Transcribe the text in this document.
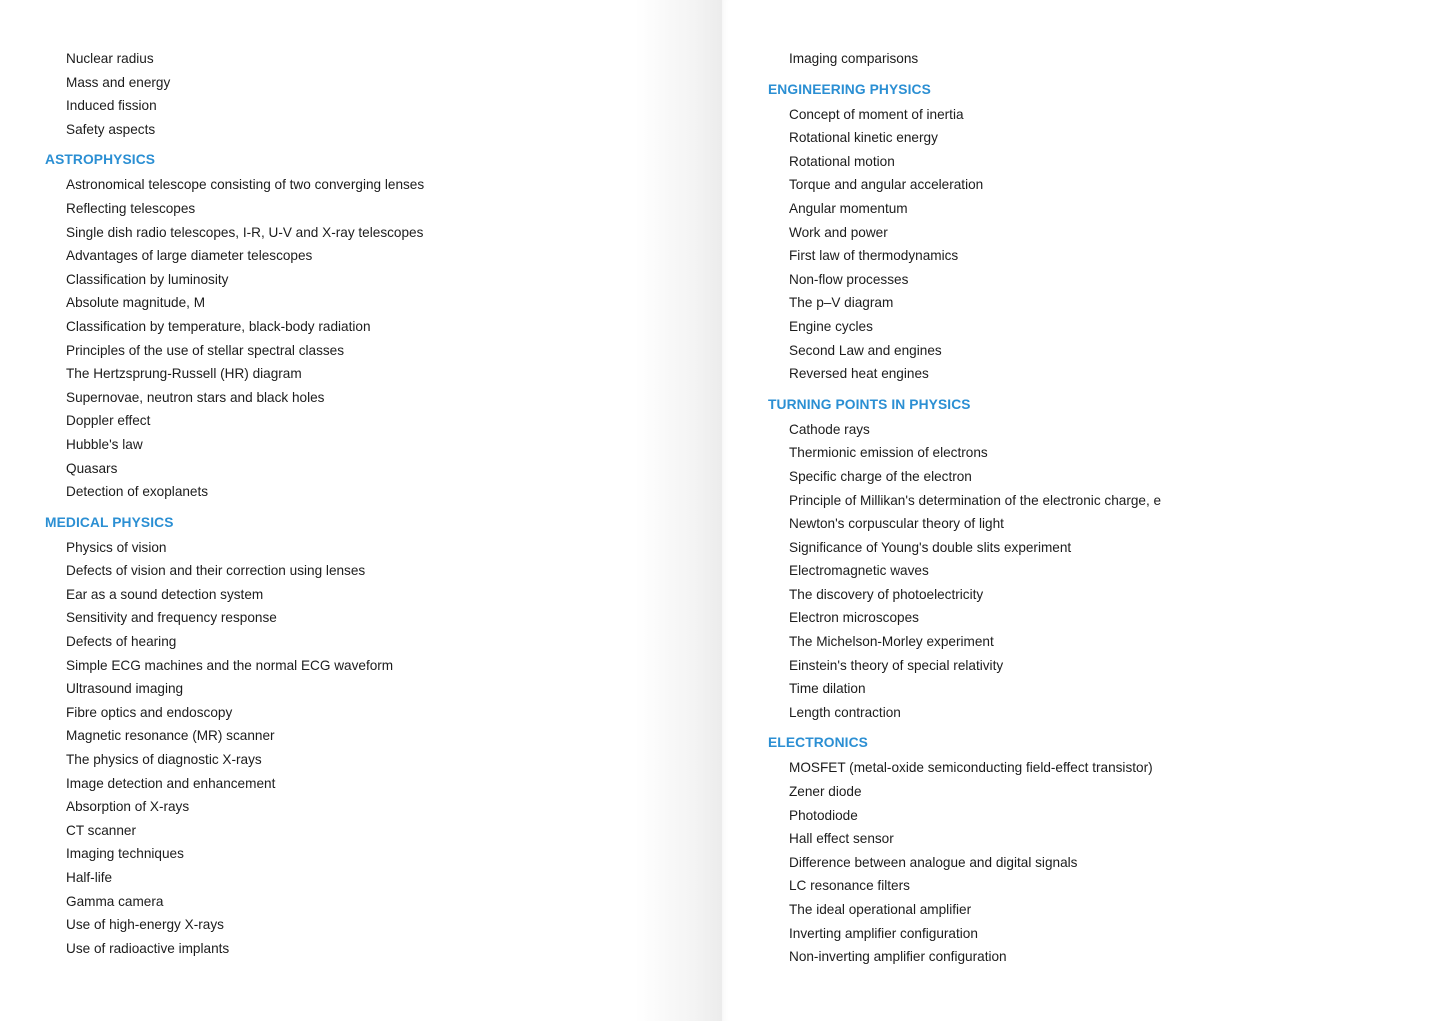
Nuclear radius
Mass and energy
Induced fission
Safety aspects
ASTROPHYSICS
Astronomical telescope consisting of two converging lenses
Reflecting telescopes
Single dish radio telescopes, I-R, U-V and X-ray telescopes
Advantages of large diameter telescopes
Classification by luminosity
Absolute magnitude, M
Classification by temperature, black-body radiation
Principles of the use of stellar spectral classes
The Hertzsprung-Russell (HR) diagram
Supernovae, neutron stars and black holes
Doppler effect
Hubble's law
Quasars
Detection of exoplanets
MEDICAL PHYSICS
Physics of vision
Defects of vision and their correction using lenses
Ear as a sound detection system
Sensitivity and frequency response
Defects of hearing
Simple ECG machines and the normal ECG waveform
Ultrasound imaging
Fibre optics and endoscopy
Magnetic resonance (MR) scanner
The physics of diagnostic X-rays
Image detection and enhancement
Absorption of X-rays
CT scanner
Imaging techniques
Half-life
Gamma camera
Use of high-energy X-rays
Use of radioactive implants
Imaging comparisons
ENGINEERING PHYSICS
Concept of moment of inertia
Rotational kinetic energy
Rotational motion
Torque and angular acceleration
Angular momentum
Work and power
First law of thermodynamics
Non-flow processes
The p–V diagram
Engine cycles
Second Law and engines
Reversed heat engines
TURNING POINTS IN PHYSICS
Cathode rays
Thermionic emission of electrons
Specific charge of the electron
Principle of Millikan's determination of the electronic charge, e
Newton's corpuscular theory of light
Significance of Young's double slits experiment
Electromagnetic waves
The discovery of photoelectricity
Electron microscopes
The Michelson-Morley experiment
Einstein's theory of special relativity
Time dilation
Length contraction
ELECTRONICS
MOSFET (metal-oxide semiconducting field-effect transistor)
Zener diode
Photodiode
Hall effect sensor
Difference between analogue and digital signals
LC resonance filters
The ideal operational amplifier
Inverting amplifier configuration
Non-inverting amplifier configuration
